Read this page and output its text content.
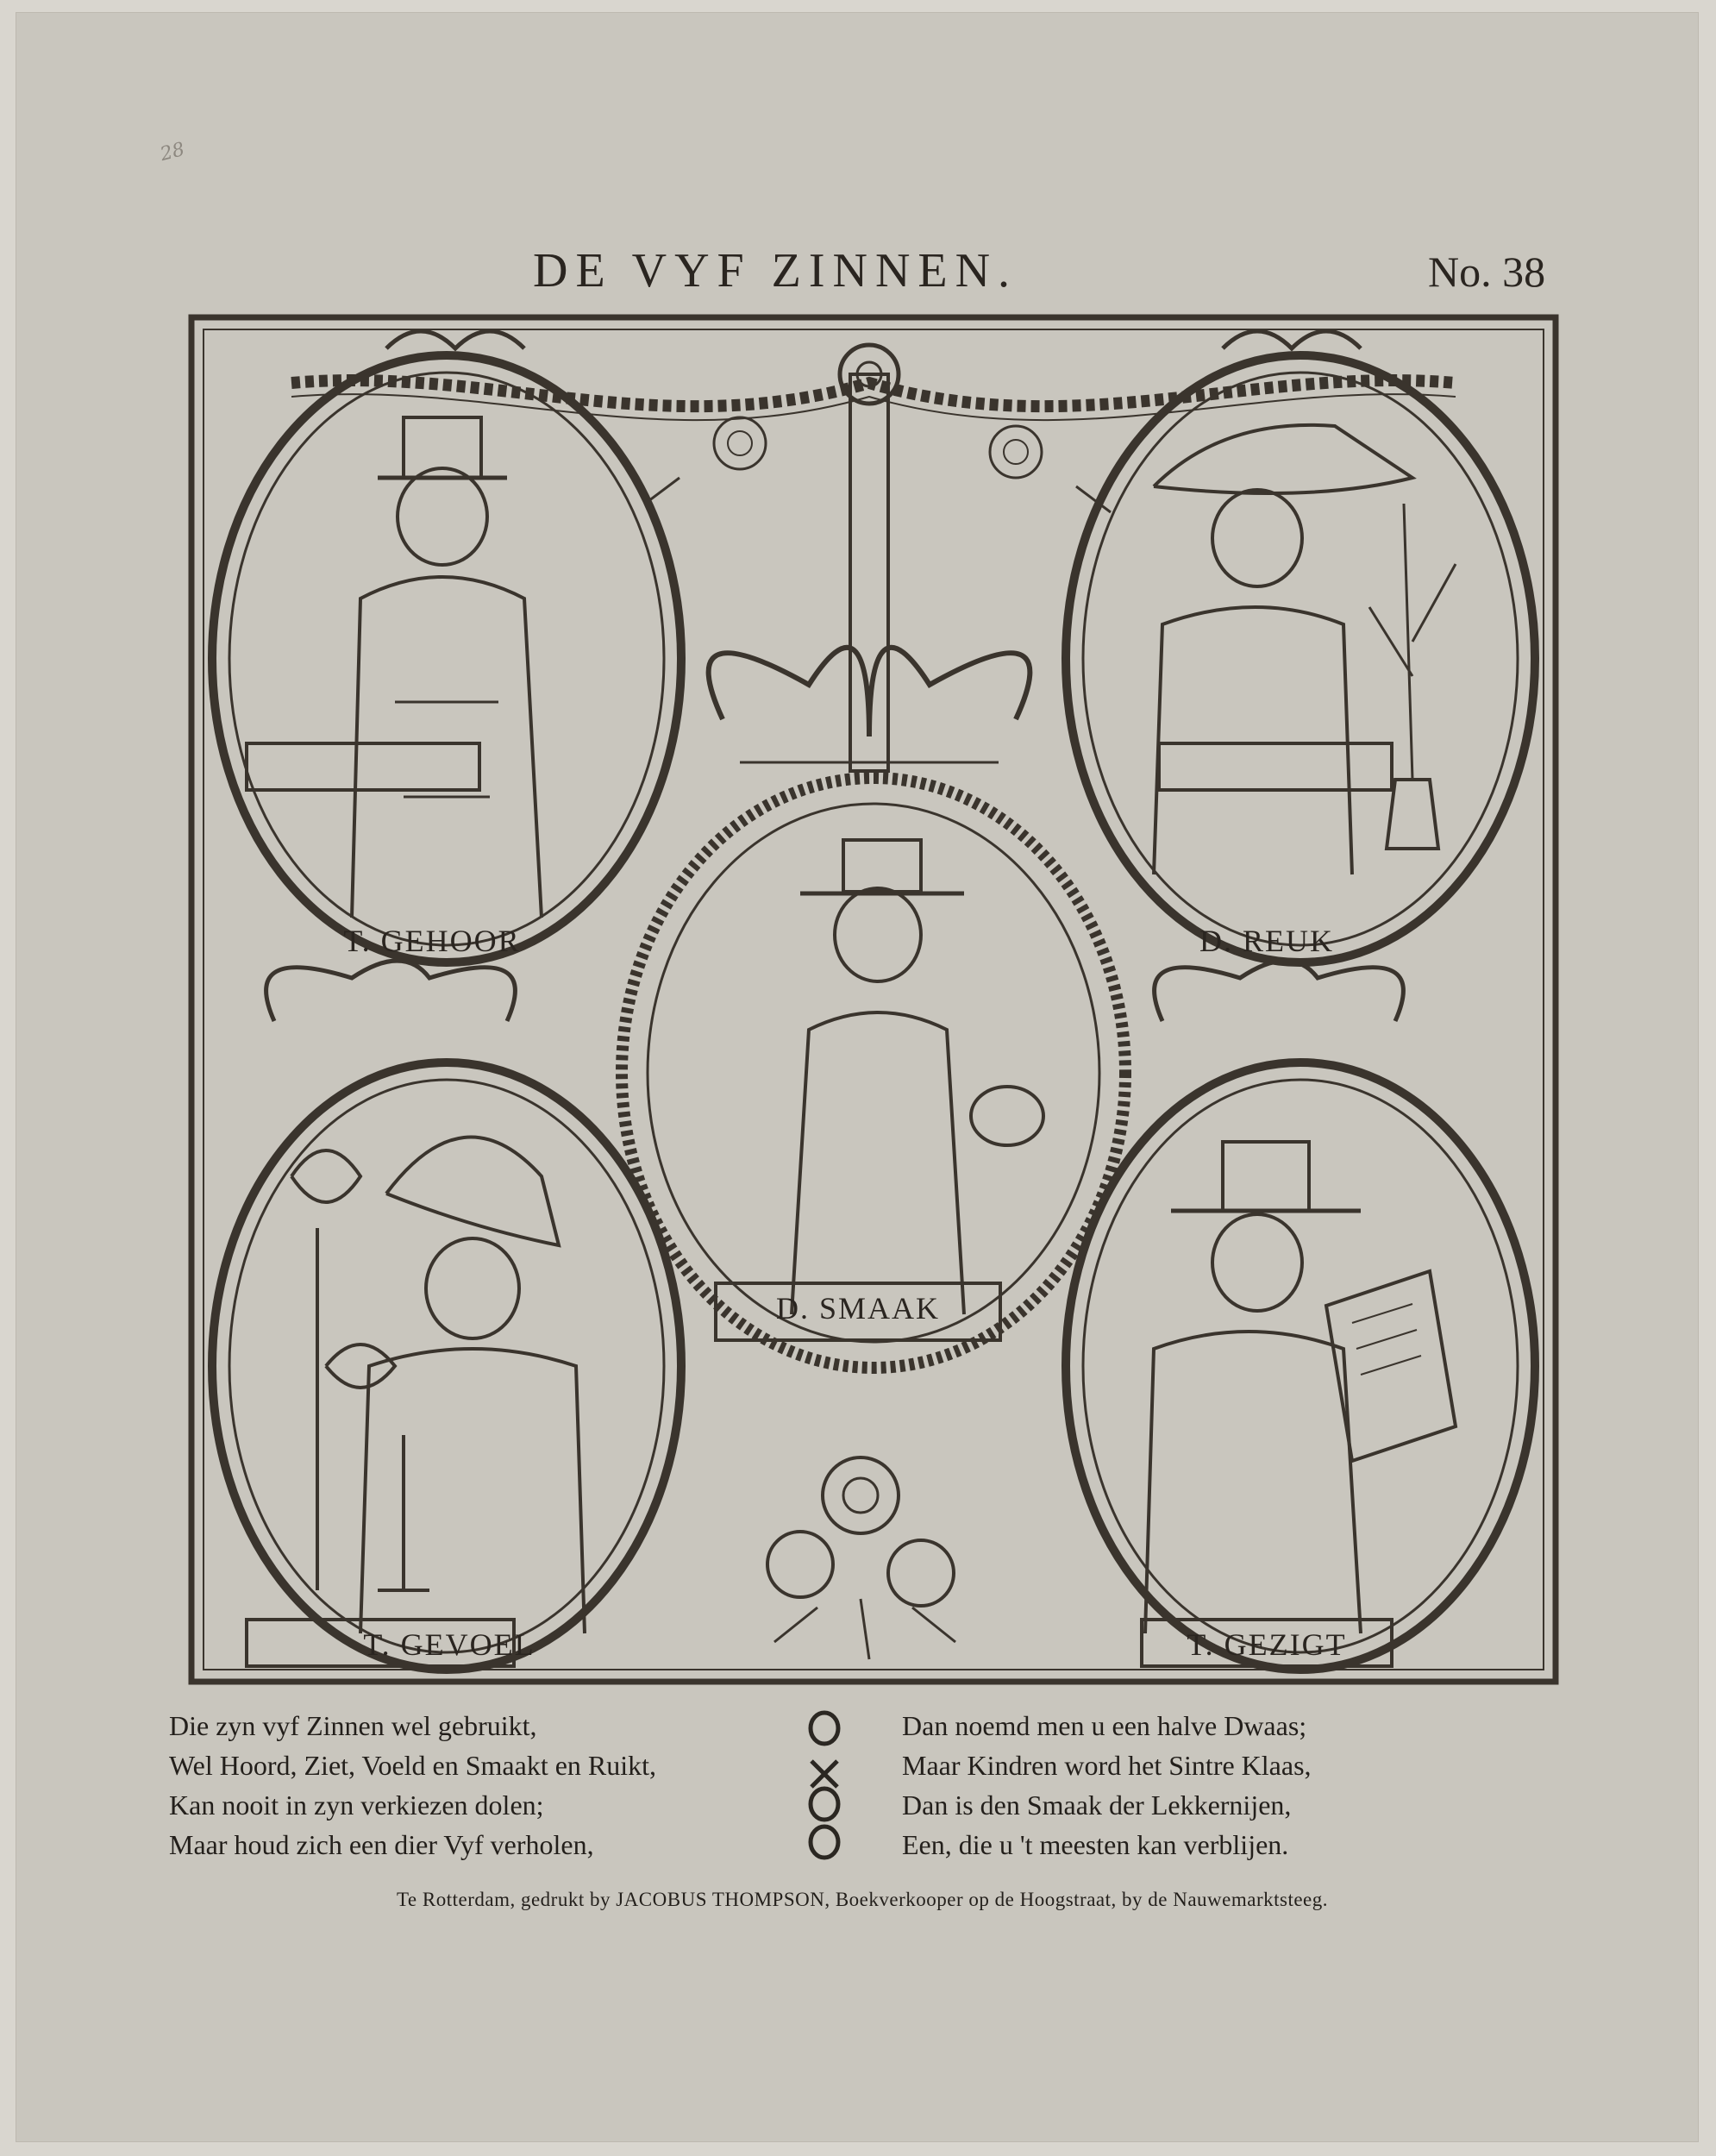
28
DE VYF ZINNEN.	No. 38
T. GEHOOR	D. REUK
D. SMAAK
T. GEVOEL	T. GEZIGT
Die zyn vyf Zinnen wel gebruikt,
Wel Hoord, Ziet, Voeld en Smaakt en Ruikt,
Kan nooit in zyn verkiezen dolen;
Maar houd zich een dier Vyf verholen,
Dan noemd men u een halve Dwaas;
Maar Kindren word het Sintre Klaas,
Dan is den Smaak der Lekkernijen,
Een, die u 't meesten kan verblijen.
Te Rotterdam, gedrukt by JACOBUS THOMPSON, Boekverkooper op de Hoogstraat, by de Nauwemarktsteeg.
